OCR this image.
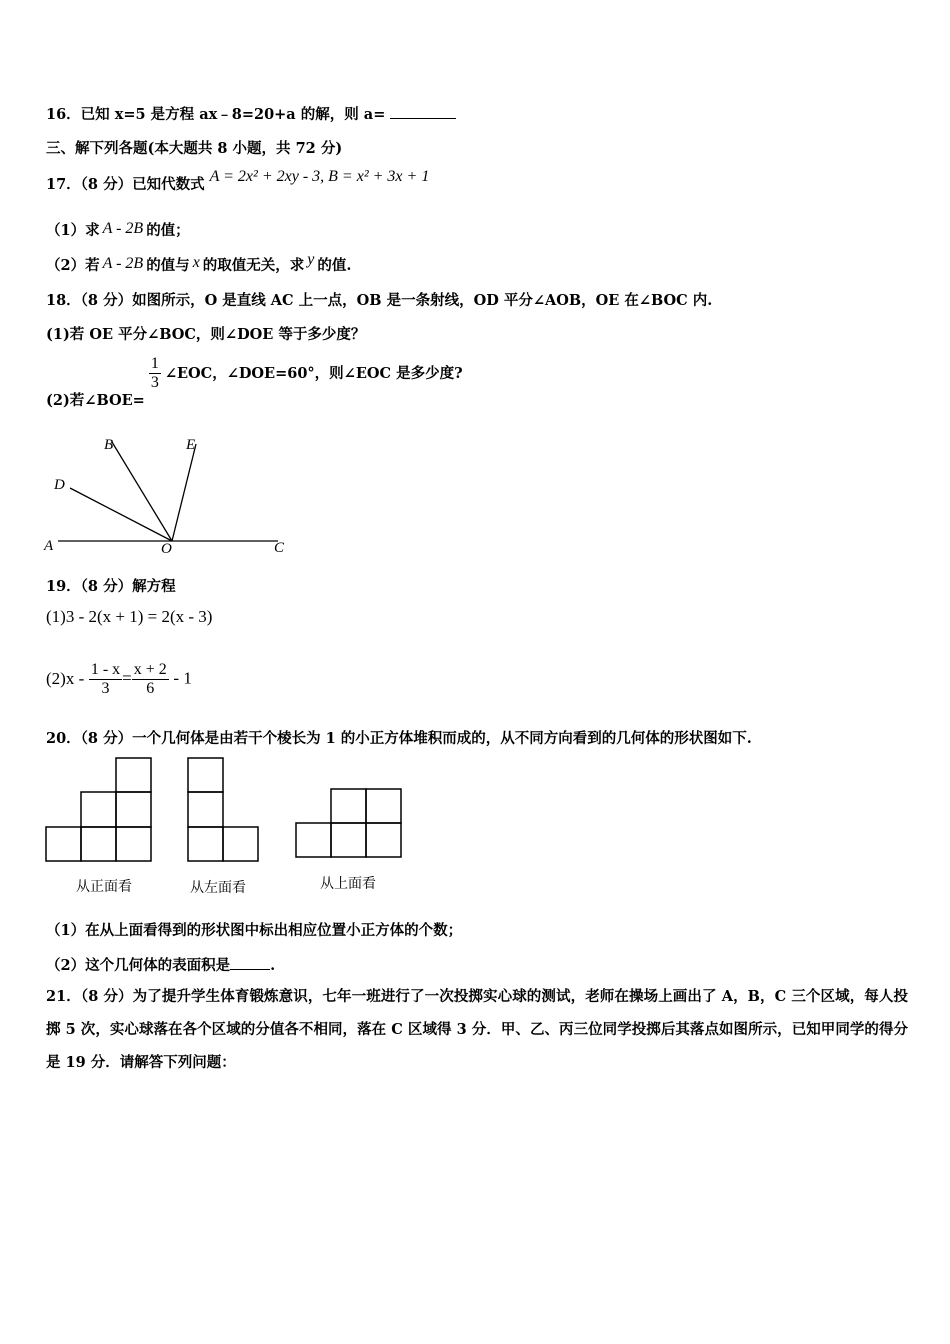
16．已知 x=5 是方程 ax﹣8=20+a 的解，则 a=
三、解下列各题(本大题共 8 小题，共 72 分)
17．（8 分）已知代数式 A = 2x² + 2xy - 3, B = x² + 3x + 1
（1）求 A - 2B 的值；
（2）若 A - 2B 的值与 x 的取值无关，求 y 的值.
18．（8 分）如图所示，O 是直线 AC 上一点，OB 是一条射线，OD 平分∠AOB，OE 在∠BOC 内.
(1)若 OE 平分∠BOC，则∠DOE 等于多少度？
(2)若∠BOE=
$\frac{1}{3}$ ∠EOC，∠DOE=60°，则∠EOC 是多少度?
A
B
C
D
E
O
19．（8 分）解方程
(1)3 - 2(x + 1) = 2(x - 3)
$(2)x - \frac{1 - x}{3} = \frac{x + 2}{6} - 1$
20．（8 分）一个几何体是由若干个棱长为 1 的小正方体堆积而成的，从不同方向看到的几何体的形状图如下.
从正面看	从左面看	从上面看
（1）在从上面看得到的形状图中标出相应位置小正方体的个数；
（2）这个几何体的表面积是	.
21．（8 分）为了提升学生体育锻炼意识，七年一班进行了一次投掷实心球的测试，老师在操场上画出了 A，B，C 三个区域，每人投掷 5 次，实心球落在各个区域的分值各不相同，落在 C 区域得 3 分．甲、乙、丙三位同学投掷后其落点如图所示，已知甲同学的得分是 19 分．请解答下列问题：
